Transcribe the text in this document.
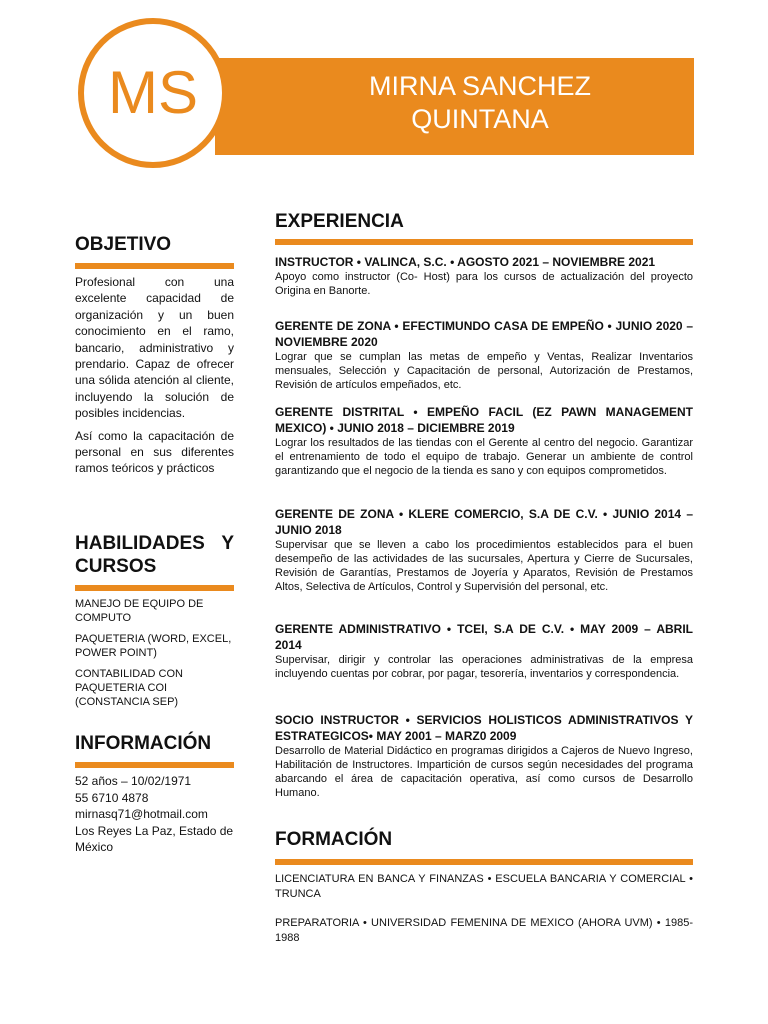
MIRNA SANCHEZ
QUINTANA
MS
OBJETIVO

Profesional con una excelente capacidad de organización y un buen conocimiento en el ramo, bancario, administrativo y prendario. Capaz de ofrecer una sólida atención al cliente, incluyendo la solución de posibles incidencias.

Así como la capacitación de personal en sus diferentes ramos teóricos y prácticos

HABILIDADES Y
CURSOS

MANEJO DE EQUIPO DE COMPUTO

PAQUETERIA (WORD, EXCEL, POWER POINT)

CONTABILIDAD CON PAQUETERIA COI (CONSTANCIA SEP)

INFORMACIÓN

52 años – 10/02/1971

55 6710 4878

mirnasq71@hotmail.com

Los Reyes La Paz, Estado de México

EXPERIENCIA

INSTRUCTOR • VALINCA, S.C. • AGOSTO 2021 – NOVIEMBRE 2021

Apoyo como instructor (Co- Host) para los cursos de actualización del proyecto Origina en Banorte.

GERENTE DE ZONA • EFECTIMUNDO CASA DE EMPEÑO • JUNIO 2020 – NOVIEMBRE 2020

Lograr que se cumplan las metas de empeño y Ventas, Realizar Inventarios mensuales, Selección y Capacitación de personal, Autorización de Prestamos, Revisión de artículos empeñados, etc.

GERENTE DISTRITAL • EMPEÑO FACIL (EZ PAWN MANAGEMENT MEXICO) • JUNIO 2018 – DICIEMBRE 2019

Lograr los resultados de las tiendas con el Gerente al centro del negocio. Garantizar el entrenamiento de todo el equipo de trabajo. Generar un ambiente de control garantizando que el negocio de la tienda es sano y con equipos comprometidos.

GERENTE DE ZONA • KLERE COMERCIO, S.A DE C.V. • JUNIO 2014 – JUNIO 2018

Supervisar que se lleven a cabo los procedimientos establecidos para el buen desempeño de las actividades de las sucursales, Apertura y Cierre de Sucursales, Revisión de Garantías, Prestamos de Joyería y Aparatos, Revisión de Prestamos Altos, Selectiva de Artículos, Control y Supervisión del personal, etc.

GERENTE ADMINISTRATIVO • TCEI, S.A DE C.V. • MAY 2009 – ABRIL 2014

Supervisar, dirigir y controlar las operaciones administrativas de la empresa incluyendo cuentas por cobrar, por pagar, tesorería, inventarios y correspondencia.

SOCIO INSTRUCTOR • SERVICIOS HOLISTICOS ADMINISTRATIVOS Y ESTRATEGICOS• MAY 2001 – MARZ0 2009

Desarrollo de Material Didáctico en programas dirigidos a Cajeros de Nuevo Ingreso, Habilitación de Instructores. Impartición de cursos según necesidades del programa abarcando el área de capacitación operativa, así como cursos de Desarrollo Humano.

FORMACIÓN

LICENCIATURA EN BANCA Y FINANZAS • ESCUELA BANCARIA Y COMERCIAL • TRUNCA

PREPARATORIA • UNIVERSIDAD FEMENINA DE MEXICO (AHORA UVM) • 1985-1988
